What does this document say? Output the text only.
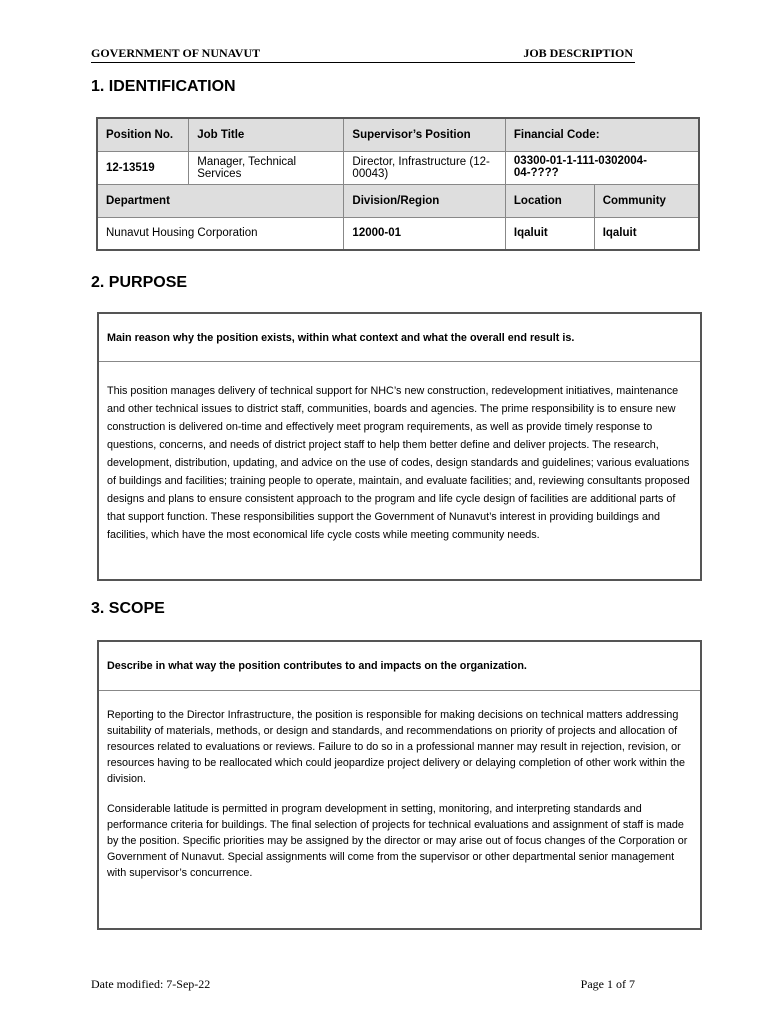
GOVERNMENT OF NUNAVUT	JOB DESCRIPTION
1. IDENTIFICATION
Position No.	Job Title	Supervisor’s Position	Financial Code:	
12-13519	Manager, Technical Services	Director, Infrastructure (12-00043)	03300-01-1-111-0302004-04-????	
Department		Division/Region	Location	Community
Nunavut Housing Corporation		12000-01	Iqaluit	Iqaluit
2. PURPOSE
Main reason why the position exists, within what context and what the overall end result is.

This position manages delivery of technical support for NHC’s new construction, redevelopment initiatives, maintenance and other technical issues to district staff, communities, boards and agencies. The prime responsibility is to ensure new construction is delivered on-time and effectively meet program requirements, as well as provide timely response to questions, concerns, and needs of district project staff to help them better define and deliver projects. The research, development, distribution, updating, and advice on the use of codes, design standards and guidelines; various evaluations of buildings and facilities; training people to operate, maintain, and evaluate facilities; and, reviewing consultants proposed designs and plans to ensure consistent approach to the program and life cycle design of facilities are additional parts of that support function. These responsibilities support the Government of Nunavut’s interest in providing buildings and facilities, which have the most economical life cycle costs while meeting community needs.

3. SCOPE
Describe in what way the position contributes to and impacts on the organization.

Reporting to the Director Infrastructure, the position is responsible for making decisions on technical matters addressing suitability of materials, methods, or design and standards, and recommendations on priority of projects and allocation of resources related to evaluations or reviews. Failure to do so in a professional manner may result in rejection, revision, or resources having to be reallocated which could jeopardize project delivery or delaying completion of other work within the division.

Considerable latitude is permitted in program development in setting, monitoring, and interpreting standards and performance criteria for buildings. The final selection of projects for technical evaluations and assignment of staff is made by the position. Specific priorities may be assigned by the director or may arise out of focus changes of the Corporation or Government of Nunavut. Special assignments will come from the supervisor or other departmental senior management with supervisor’s concurrence.

Date modified: 7-Sep-22	Page 1 of 7
